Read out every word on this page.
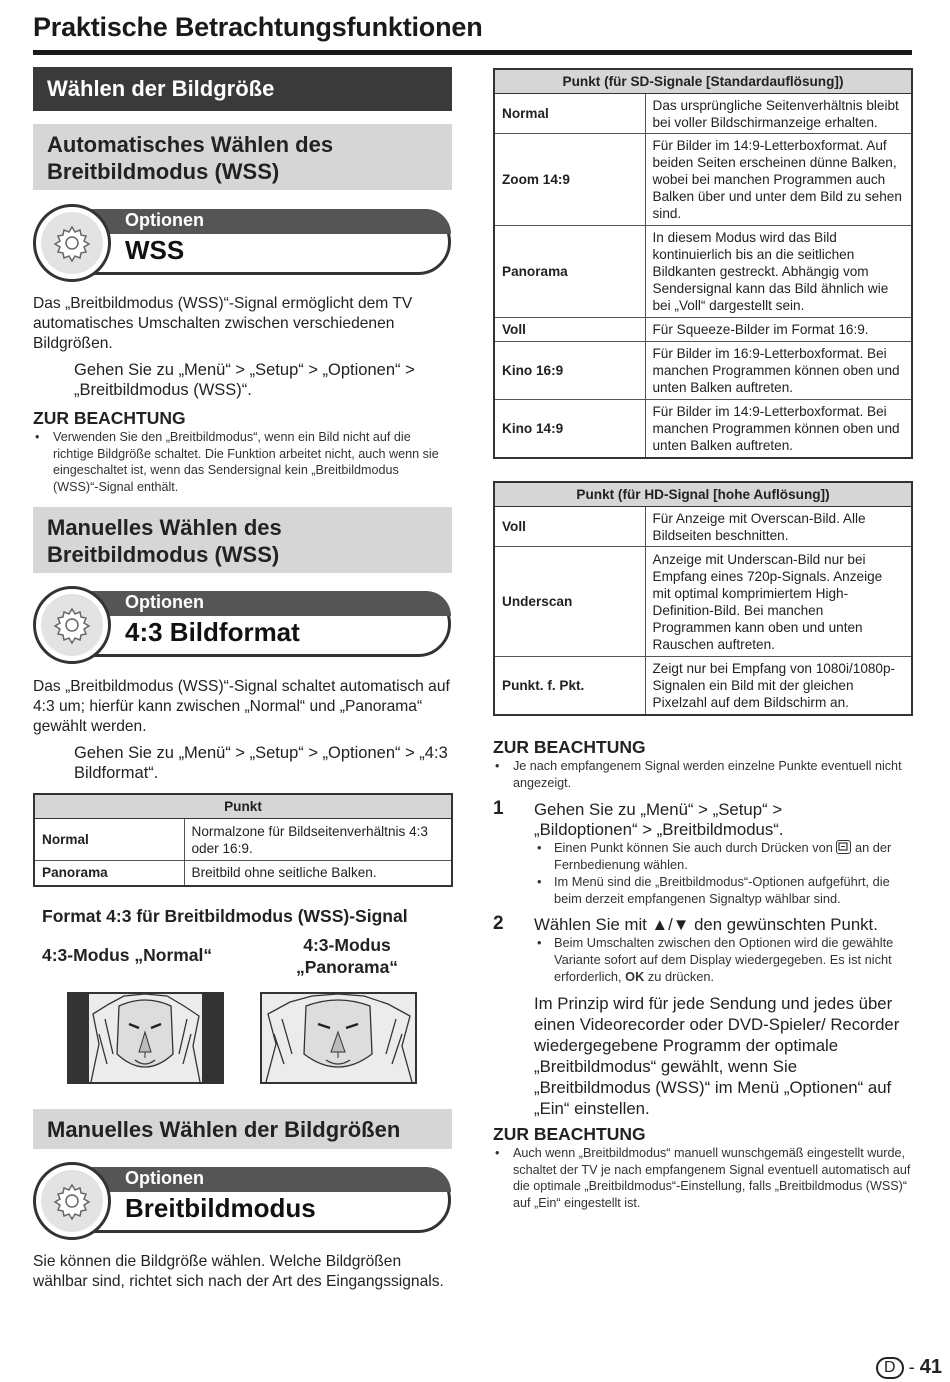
Praktische Betrachtungsfunktionen
Wählen der Bildgröße
Automatisches Wählen des Breitbildmodus (WSS)
Optionen
WSS
Das „Breitbildmodus (WSS)“-Signal ermöglicht dem TV automatisches Umschalten zwischen verschiedenen Bildgrößen.
Gehen Sie zu „Menü“ > „Setup“ > „Optionen“ > „Breitbildmodus (WSS)“.
ZUR BEACHTUNG
• Verwenden Sie den „Breitbildmodus“, wenn ein Bild nicht auf die richtige Bildgröße schaltet. Die Funktion arbeitet nicht, auch wenn sie eingeschaltet ist, wenn das Sendersignal kein „Breitbildmodus (WSS)“-Signal enthält.
Manuelles Wählen des Breitbildmodus (WSS)
Optionen
4:3 Bildformat
Das „Breitbildmodus (WSS)“-Signal schaltet automatisch auf 4:3 um; hierfür kann zwischen „Normal“ und „Panorama“ gewählt werden.
Gehen Sie zu „Menü“ > „Setup“ > „Optionen“ > „4:3 Bildformat“.
Punkt	
Normal	Normalzone für Bildseitenverhältnis 4:3 oder 16:9.
Panorama	Breitbild ohne seitliche Balken.
Format 4:3 für Breitbildmodus (WSS)-Signal
4:3-Modus „Normal“	4:3-Modus „Panorama“
Manuelles Wählen der Bildgrößen
Optionen
Breitbildmodus
Sie können die Bildgröße wählen. Welche Bildgrößen wählbar sind, richtet sich nach der Art des Eingangssignals.
Punkt (für SD-Signale [Standardauflösung])	
Normal	Das ursprüngliche Seitenverhältnis bleibt bei voller Bildschirmanzeige erhalten.
Zoom 14:9	Für Bilder im 14:9-Letterboxformat. Auf beiden Seiten erscheinen dünne Balken, wobei bei manchen Programmen auch Balken über und unter dem Bild zu sehen sind.
Panorama	In diesem Modus wird das Bild kontinuierlich bis an die seitlichen Bildkanten gestreckt. Abhängig vom Sendersignal kann das Bild ähnlich wie bei „Voll“ dargestellt sein.
Voll	Für Squeeze-Bilder im Format 16:9.
Kino 16:9	Für Bilder im 16:9-Letterboxformat. Bei manchen Programmen können oben und unten Balken auftreten.
Kino 14:9	Für Bilder im 14:9-Letterboxformat. Bei manchen Programmen können oben und unten Balken auftreten.
Punkt (für HD-Signal [hohe Auflösung])	
Voll	Für Anzeige mit Overscan-Bild. Alle Bildseiten beschnitten.
Underscan	Anzeige mit Underscan-Bild nur bei Empfang eines 720p-Signals. Anzeige mit optimal komprimiertem High-Definition-Bild. Bei manchen Programmen kann oben und unten Rauschen auftreten.
Punkt. f. Pkt.	Zeigt nur bei Empfang von 1080i/1080p-Signalen ein Bild mit der gleichen Pixelzahl auf dem Bildschirm an.
ZUR BEACHTUNG
• Je nach empfangenem Signal werden einzelne Punkte eventuell nicht angezeigt.
1 Gehen Sie zu „Menü“ > „Setup“ > „Bildoptionen“ > „Breitbildmodus“.
• Einen Punkt können Sie auch durch Drücken von an der Fernbedienung wählen.
• Im Menü sind die „Breitbildmodus“-Optionen aufgeführt, die beim derzeit empfangenen Signaltyp wählbar sind.
2 Wählen Sie mit ▲/▼ den gewünschten Punkt.
• Beim Umschalten zwischen den Optionen wird die gewählte Variante sofort auf dem Display wiedergegeben. Es ist nicht erforderlich, OK zu drücken.
Im Prinzip wird für jede Sendung und jedes über einen Videorecorder oder DVD-Spieler/ Recorder wiedergegebene Programm der optimale „Breitbildmodus“ gewählt, wenn Sie „Breitbildmodus (WSS)“ im Menü „Optionen“ auf „Ein“ einstellen.
ZUR BEACHTUNG
• Auch wenn „Breitbildmodus“ manuell wunschgemäß eingestellt wurde, schaltet der TV je nach empfangenem Signal eventuell automatisch auf die optimale „Breitbildmodus“-Einstellung, falls „Breitbildmodus (WSS)“ auf „Ein“ eingestellt ist.
D - 41
